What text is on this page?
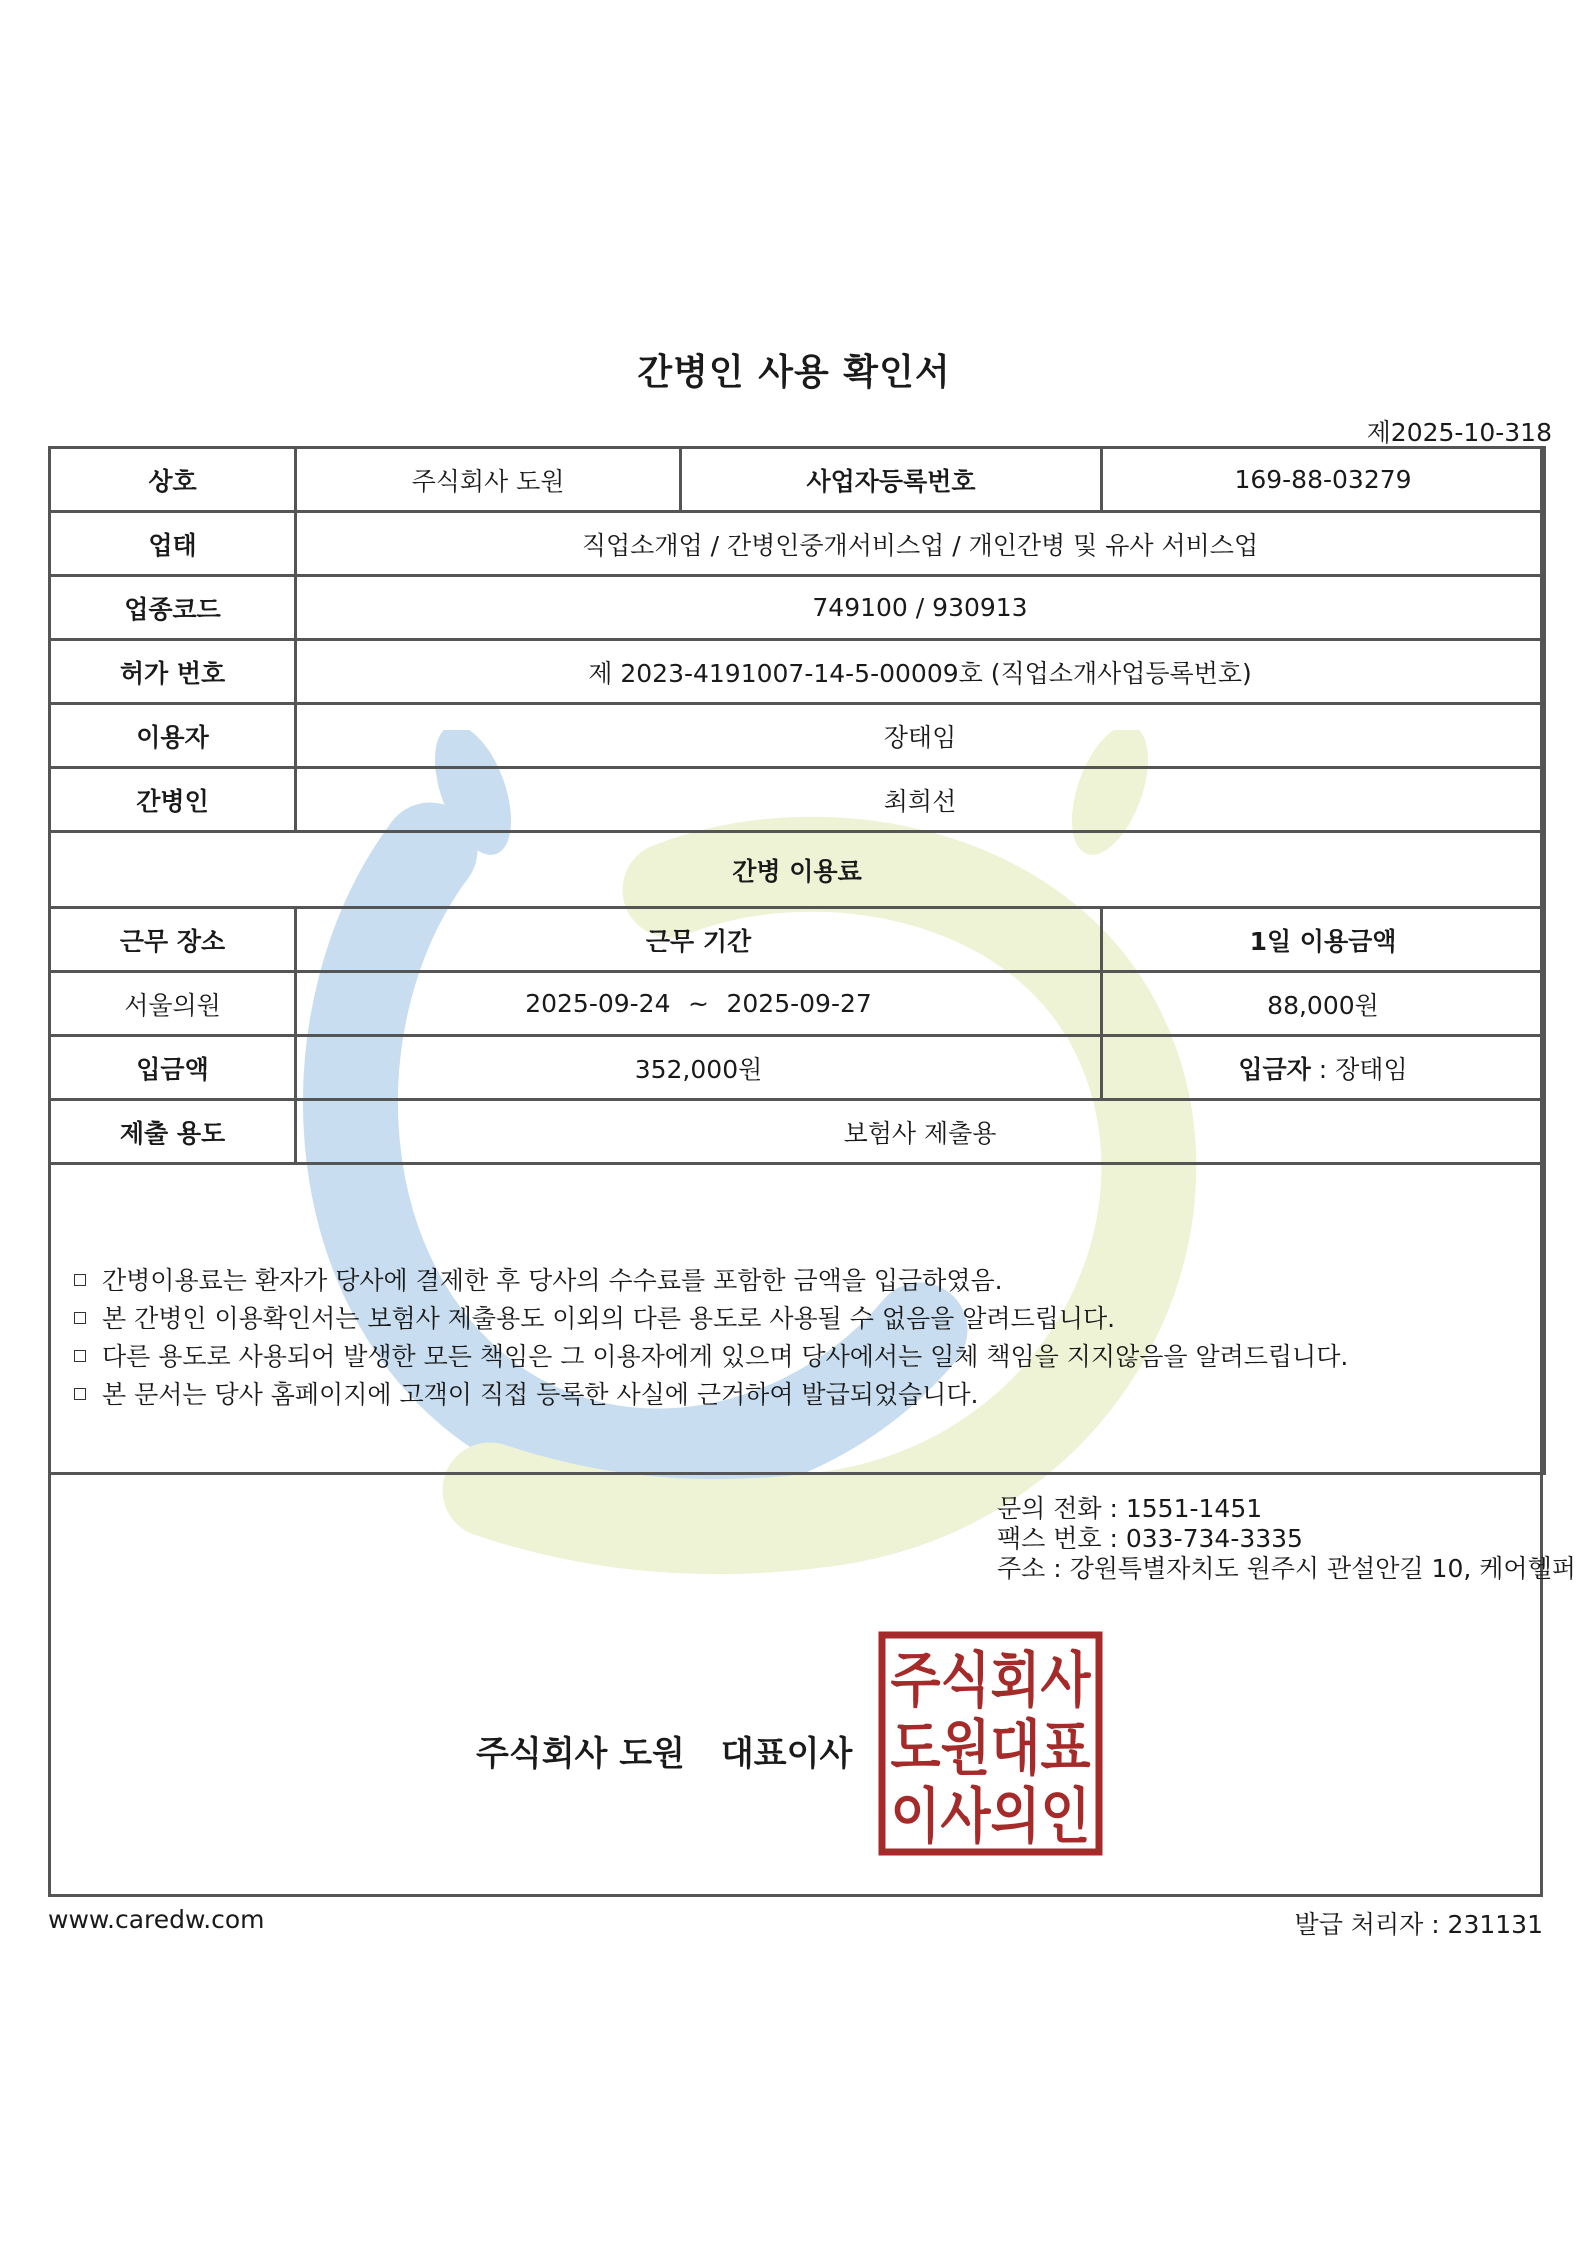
간병인 사용 확인서
제2025-10-318
상호	주식회사 도원	사업자등록번호	169-88-03279
업태	직업소개업 / 간병인중개서비스업 / 개인간병 및 유사 서비스업		
업종코드	749100 / 930913		
허가 번호	제 2023-4191007-14-5-00009호 (직업소개사업등록번호)		
이용자	장태임		
간병인	최희선		
간병 이용료			
근무 장소	근무 기간		1일 이용금액
서울의원	2025-09-24 ~ 2025-09-27		88,000원
입금액	352,000원		입금자 : 장태임
제출 용도	보험사 제출용		

간병이용료는 환자가 당사에 결제한 후 당사의 수수료를 포함한 금액을 입금하였음.
본 간병인 이용확인서는 보험사 제출용도 이외의 다른 용도로 사용될 수 없음을 알려드립니다.
다른 용도로 사용되어 발생한 모든 책임은 그 이용자에게 있으며 당사에서는 일체 책임을 지지않음을 알려드립니다.
본 문서는 당사 홈페이지에 고객이 직접 등록한 사실에 근거하여 발급되었습니다.
문의 전화 : 1551-1451
팩스 번호 : 033-734-3335
주소 : 강원특별자치도 원주시 관설안길 10, 케어헬퍼
주식회사 도원 대표이사
주식회사
도원대표
이사의인
www.caredw.com	발급 처리자 : 231131
